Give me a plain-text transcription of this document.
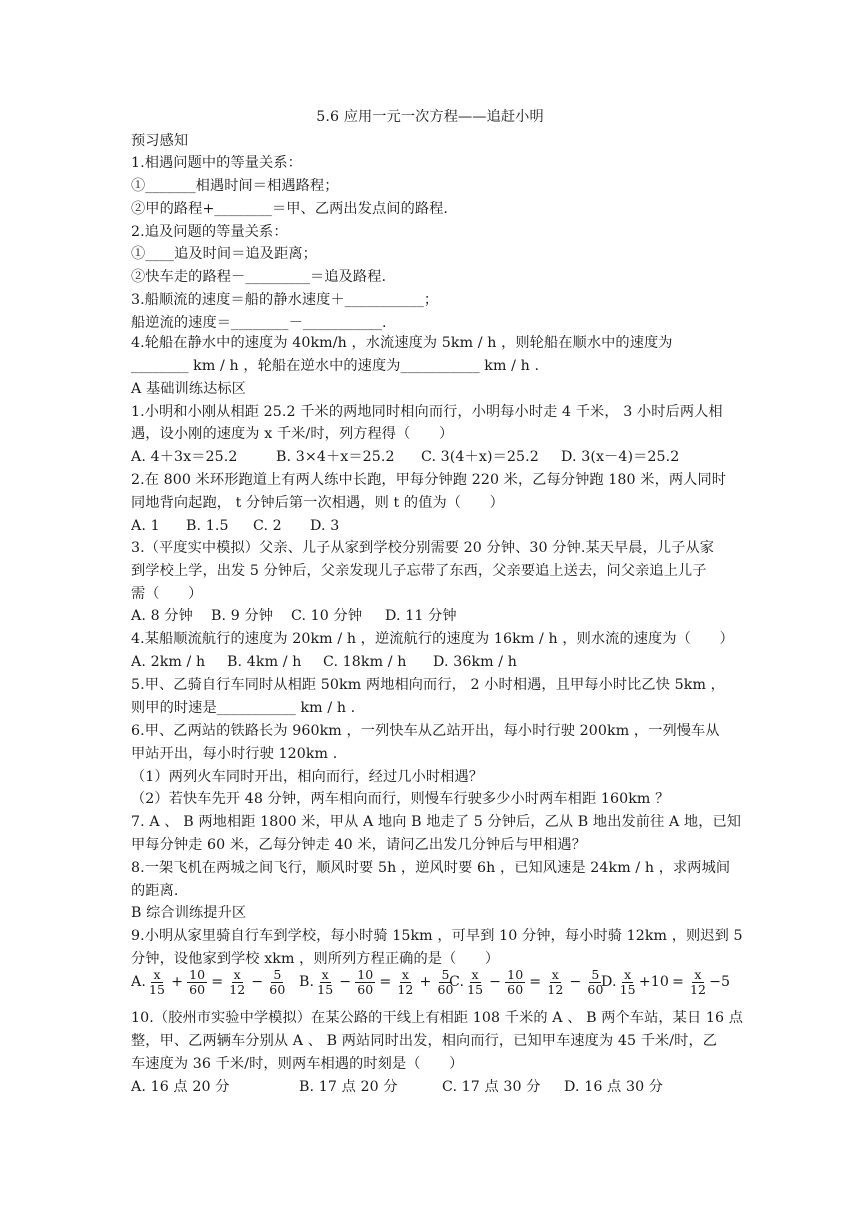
5.6 应用一元一次方程——追赶小明
预习感知
1.相遇问题中的等量关系：
①_______相遇时间＝相遇路程；
②甲的路程+________＝甲、乙两出发点间的路程.
2.追及问题的等量关系：
①____追及时间＝追及距离；
②快车走的路程－_________＝追及路程.
3.船顺流的速度＝船的静水速度＋___________；
船逆流的速度＝________－___________.
4.轮船在静水中的速度为 40km/h ，水流速度为 5km / h ，则轮船在顺水中的速度为
________ km / h ，轮船在逆水中的速度为___________ km / h .
A 基础训练达标区
1.小明和小刚从相距 25.2 千米的两地同时相向而行，小明每小时走 4 千米， 3 小时后两人相
遇，设小刚的速度为 x 千米/时，列方程得（　　）
A. 4＋3x＝25.2	B. 3×4＋x＝25.2	C. 3(4＋x)＝25.2	D. 3(x－4)＝25.2
2.在 800 米环形跑道上有两人练中长跑，甲每分钟跑 220 米，乙每分钟跑 180 米，两人同时
同地背向起跑， t 分钟后第一次相遇，则 t 的值为（　　）
A. 1	B. 1.5	C. 2	D. 3
3.（平度实中模拟）父亲、儿子从家到学校分别需要 20 分钟、30 分钟.某天早晨，儿子从家
到学校上学，出发 5 分钟后，父亲发现儿子忘带了东西，父亲要追上送去，问父亲追上儿子
需（　　）
A. 8 分钟	B. 9 分钟	C. 10 分钟	D. 11 分钟
4.某船顺流航行的速度为 20km / h ，逆流航行的速度为 16km / h ，则水流的速度为（　　）
A. 2km / h	B. 4km / h	C. 18km / h	D. 36km / h
5.甲、乙骑自行车同时从相距 50km 两地相向而行， 2 小时相遇，且甲每小时比乙快 5km ，
则甲的时速是___________ km / h .
6.甲、乙两站的铁路长为 960km ，一列快车从乙站开出，每小时行驶 200km ，一列慢车从
甲站开出，每小时行驶 120km .
（1）两列火车同时开出，相向而行，经过几小时相遇？
（2）若快车先开 48 分钟，两车相向而行，则慢车行驶多少小时两车相距 160km ？
7. A 、 B 两地相距 1800 米，甲从 A 地向 B 地走了 5 分钟后，乙从 B 地出发前往 A 地，已知
甲每分钟走 60 米，乙每分钟走 40 米，请问乙出发几分钟后与甲相遇？
8.一架飞机在两城之间飞行，顺风时要 5h ，逆风时要 6h ，已知风速是 24km / h ，求两城间
的距离.
B 综合训练提升区
9.小明从家里骑自行车到学校，每小时骑 15km ，可早到 10 分钟，每小时骑 12km ，则迟到 5
分钟，设他家到学校 xkm ，则所列方程正确的是（　　）
A. $\frac{x}{15} + \frac{10}{60} = \frac{x}{12} - \frac{5}{60} B$. $\frac{x}{15} - \frac{10}{60} = \frac{x}{12} + \frac{5}{60}$
C. $\frac{x}{15} - \frac{10}{60} = \frac{x}{12} - \frac{5}{60}$
D. $\frac{x}{15} +10 = \frac{x}{12} -5$
10.（胶州市实验中学模拟）在某公路的干线上有相距 108 千米的 A 、 B 两个车站，某日 16 点
整，甲、乙两辆车分别从 A 、 B 两站同时出发，相向而行，已知甲车速度为 45 千米/时，乙
车速度为 36 千米/时，则两车相遇的时刻是（　　）
A. 16 点 20 分	B. 17 点 20 分	C. 17 点 30 分	D. 16 点 30 分
